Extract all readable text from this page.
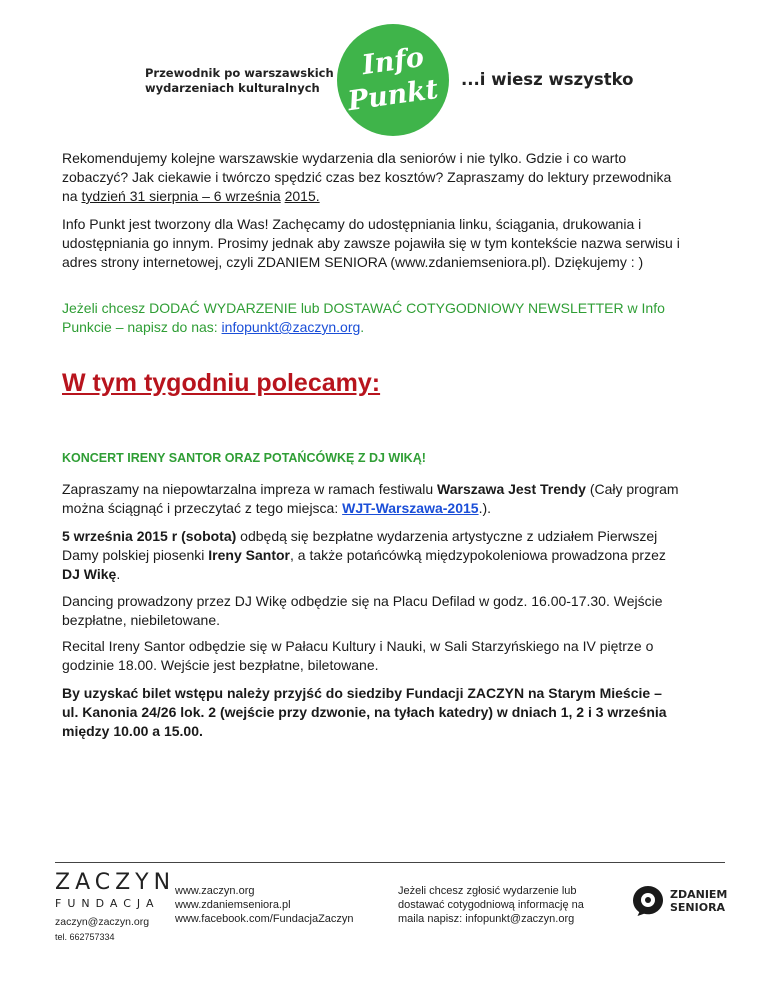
Przewodnik po warszawskich
wydarzeniach kulturalnych
Info
Punkt	...i wiesz wszystko
Rekomendujemy kolejne warszawskie wydarzenia dla seniorów i nie tylko. Gdzie i co warto zobaczyć? Jak ciekawie i twórczo spędzić czas bez kosztów? Zapraszamy do lektury przewodnika na tydzień 31 sierpnia – 6 września 2015.
Info Punkt jest tworzony dla Was! Zachęcamy do udostępniania linku, ściągania, drukowania i udostępniania go innym. Prosimy jednak aby zawsze pojawiła się w tym kontekście nazwa serwisu i adres strony internetowej, czyli ZDANIEM SENIORA (www.zdaniemseniora.pl). Dziękujemy : )
Jeżeli chcesz DODAĆ WYDARZENIE lub DOSTAWAĆ COTYGODNIOWY NEWSLETTER w Info Punkcie – napisz do nas: infopunkt@zaczyn.org.
W tym tygodniu polecamy:
KONCERT IRENY SANTOR ORAZ POTAŃCÓWKĘ Z DJ WIKĄ!
Zapraszamy na niepowtarzalna impreza w ramach festiwalu Warszawa Jest Trendy (Cały program można ściągnąć i przeczytać z tego miejsca: WJT-Warszawa-2015.).
5 września 2015 r (sobota) odbędą się bezpłatne wydarzenia artystyczne z udziałem Pierwszej Damy polskiej piosenki Ireny Santor, a także potańcówką międzypokoleniowa prowadzona przez DJ Wikę.
Dancing prowadzony przez DJ Wikę odbędzie się na Placu Defilad w godz. 16.00-17.30. Wejście bezpłatne, niebiletowane.
Recital Ireny Santor odbędzie się w Pałacu Kultury i Nauki, w Sali Starzyńskiego na IV piętrze o godzinie 18.00. Wejście jest bezpłatne, biletowane.
By uzyskać bilet wstępu należy przyjść do siedziby Fundacji ZACZYN na Starym Mieście – ul. Kanonia 24/26 lok. 2 (wejście przy dzwonie, na tyłach katedry) w dniach 1, 2 i 3 września między 10.00 a 15.00.
ZACZYN
FUNDACJA
zaczyn@zaczyn.org
tel. 662757334
www.zaczyn.org
www.zdaniemseniora.pl
www.facebook.com/FundacjaZaczyn
Jeżeli chcesz zgłosić wydarzenie lub dostawać cotygodniową informację na maila napisz: infopunkt@zaczyn.org
ZDANIEM
SENIORA
